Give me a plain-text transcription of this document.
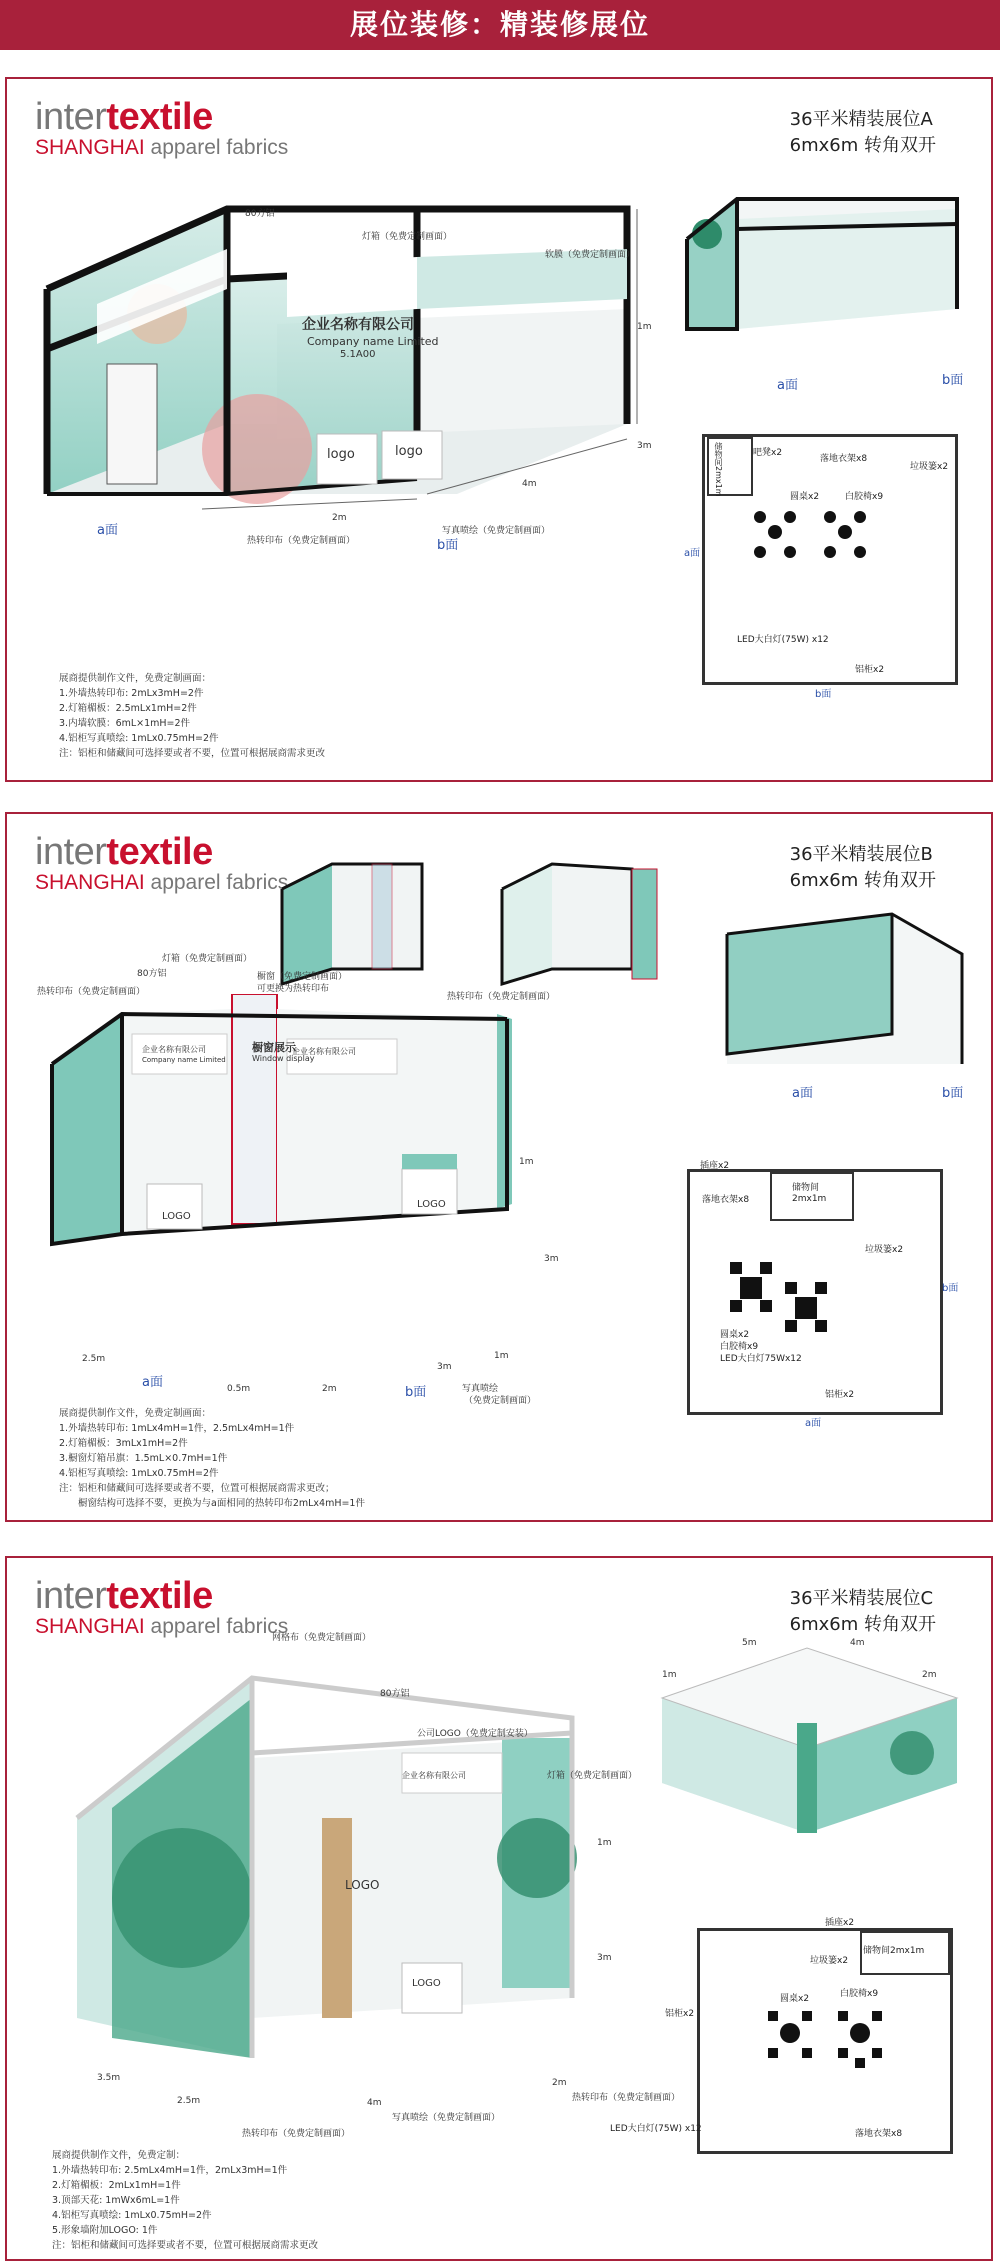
展位装修：精装修展位
intertextile
SHANGHAI apparel fabrics
36平米精装展位A
6mx6m 转角双开
企业名称有限公司
Company name Limited
5.1A00
logo	logo
80方铝
灯箱（免费定制画面）
软膜（免费定制画面）
1m
3m
2m
4m
a面
b面
热转印布（免费定制画面）
写真喷绘（免费定制画面）
展商提供制作文件，免费定制画面：
1.外墙热转印布: 2mLx3mH=2件
2.灯箱楣板：2.5mLx1mH=2件
3.内墙软膜：6mL×1mH=2件
4.铝柜写真喷绘: 1mLx0.75mH=2件
注：铝柜和储藏间可选择要或者不要，位置可根据展商需求更改
a面	b面
储物间2mx1m	吧凳x2
落地衣架x8
垃圾篓x2
圆桌x2	白胶椅x9
LED大白灯(75W) x12
铝柜x2
a面
b面
intertextile
SHANGHAI apparel fabrics
36平米精装展位B
6mx6m 转角双开
a面	b面
企业名称有限公司
Company name Limited
橱窗展示
Window display
企业名称有限公司
LOGO
LOGO
灯箱（免费定制画面）
80方铝
热转印布（免费定制画面）
橱窗（免费定制画面）
可更换为热转印布
热转印布（免费定制画面）
1m
3m
2.5m
0.5m	2m
3m
1m
a面
b面	写真喷绘
（免费定制画面）
展商提供制作文件，免费定制画面：
1.外墙热转印布: 1mLx4mH=1件，2.5mLx4mH=1件
2.灯箱楣板：3mLx1mH=2件
3.橱窗灯箱吊旗：1.5mL×0.7mH=1件
4.铝柜写真喷绘: 1mLx0.75mH=2件
注：铝柜和储藏间可选择要或者不要，位置可根据展商需求更改；
　　橱窗结构可选择不要，更换为与a面相同的热转印布2mLx4mH=1件
插座x2
落地衣架x8
储物间
2mx1m
垃圾篓x2
圆桌x2
白胶椅x9
LED大白灯75Wx12
铝柜x2
b面
a面
intertextile
SHANGHAI apparel fabrics
36平米精装展位C
6mx6m 转角双开
企业名称有限公司
LOGO
LOGO
网格布（免费定制画面）
80方铝
公司LOGO（免费定制安装）
灯箱（免费定制画面）
1m
3m
3.5m
2.5m	4m
2m
热转印布（免费定制画面）
热转印布（免费定制画面）
写真喷绘（免费定制画面）
展商提供制作文件，免费定制：
1.外墙热转印布: 2.5mLx4mH=1件，2mLx3mH=1件
2.灯箱楣板：2mLx1mH=1件
3.顶部天花: 1mWx6mL=1件
4.铝柜写真喷绘: 1mLx0.75mH=2件
5.形象墙附加LOGO: 1件
注：铝柜和储藏间可选择要或者不要，位置可根据展商需求更改
5m	4m
1m	2m
插座x2
垃圾篓x2
储物间2mx1m
白胶椅x9
圆桌x2
铝柜x2
LED大白灯(75W) x12	落地衣架x8
